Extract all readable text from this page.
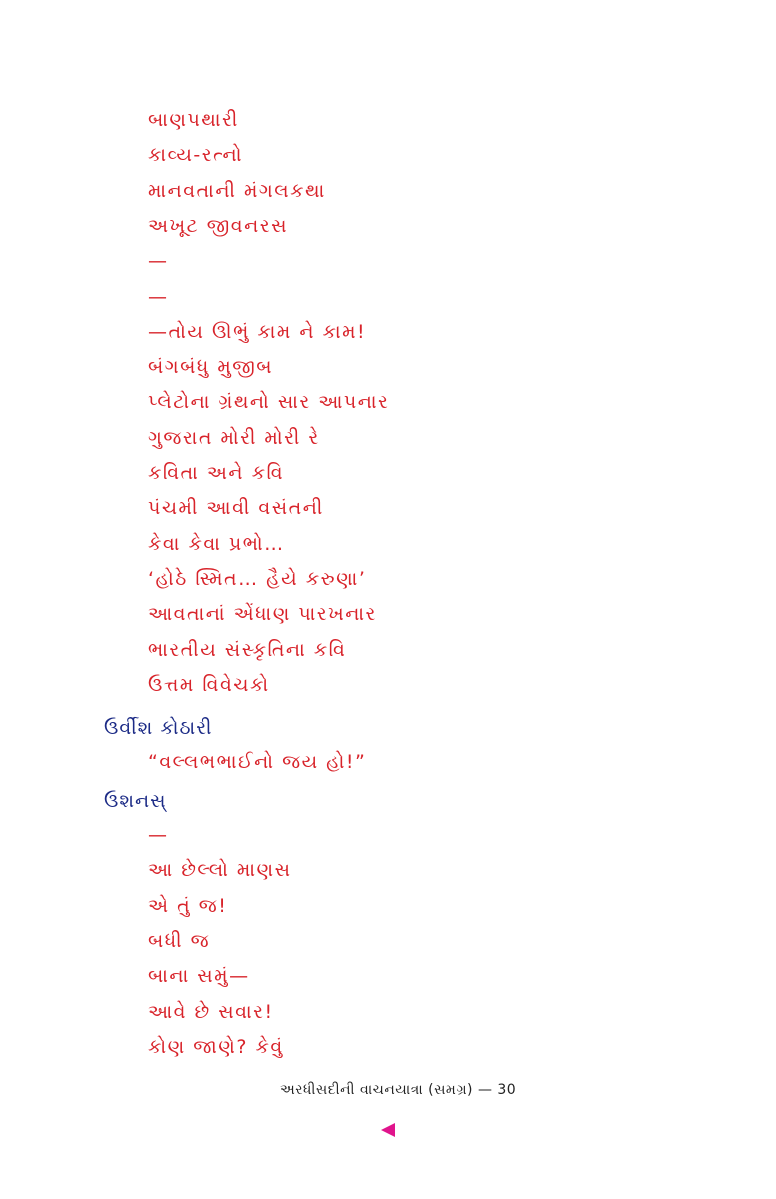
બાણપથારી
કાવ્ય-રત્નો
માનવતાની મંગલકથા
અખૂટ જીવનરસ
—
—
—તોય ઊભું કામ ને કામ!
બંગબંધુ મુજીબ
પ્લેટોના ગ્રંથનો સાર આપનાર
ગુજરાત મોરી મોરી રે
કવિતા અને કવિ
પંચમી આવી વસંતની
કેવા કેવા પ્રભો…
‘હોઠે સ્મિત… હૈયે કરુણા’
આવતાનાં એંધાણ પારખનાર
ભારતીય સંસ્કૃતિના કવિ
ઉત્તમ વિવેચકો
ઉર્વીશ કોઠારી
“વલ્લભભાઈનો જય હો!”
ઉશનસ્
—
આ છેલ્લો માણસ
એ તું જ!
બધી જ
બાના સમું—
આવે છે સવાર!
કોણ જાણે? કેવું
અરધીસદીની વાચનયાત્રા (સમગ્ર) — 30
